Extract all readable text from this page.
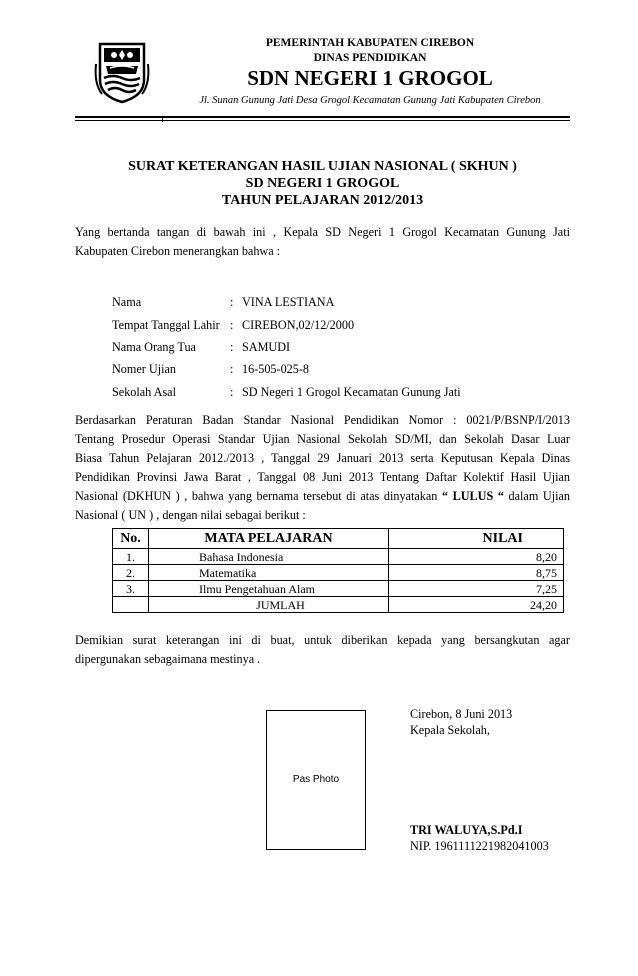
PEMERINTAH KABUPATEN CIREBON
DINAS PENDIDIKAN
SDN NEGERI 1 GROGOL
Jl. Sunan Gunung Jati Desa Grogol Kecamatan Gunung Jati Kabupaten Cirebon
SURAT KETERANGAN HASIL UJIAN NASIONAL ( SKHUN )
SD NEGERI 1 GROGOL
TAHUN PELAJARAN 2012/2013
Yang bertanda tangan di bawah ini , Kepala SD Negeri 1 Grogol Kecamatan Gunung Jati
Kabupaten Cirebon menerangkan bahwa :
Nama	: VINA LESTIANA
Tempat Tanggal Lahir : CIREBON,02/12/2000
Nama Orang Tua	: SAMUDI
Nomer Ujian	: 16-505-025-8
Sekolah Asal	: SD Negeri 1 Grogol Kecamatan Gunung Jati
Berdasarkan Peraturan Badan Standar Nasional Pendidikan Nomor : 0021/P/BSNP/I/2013
Tentang Prosedur Operasi Standar Ujian Nasional Sekolah SD/MI, dan Sekolah Dasar Luar
Biasa Tahun Pelajaran 2012./2013 , Tanggal 29 Januari 2013 serta Keputusan Kepala Dinas
Pendidikan Provinsi Jawa Barat , Tanggal 08 Juni 2013 Tentang Daftar Kolektif Hasil Ujian
Nasional (DKHUN ) , bahwa yang bernama tersebut di atas dinyatakan “ LULUS “ dalam Ujian
Nasional ( UN ) , dengan nilai sebagai berikut :
No.	MATA PELAJARAN	NILAI
1.	Bahasa Indonesia	8,20
2.	Matematika	8,75
3.	Ilmu Pengetahuan Alam	7,25
	JUMLAH	24,20
Demikian surat keterangan ini di buat, untuk diberikan kepada yang bersangkutan agar
dipergunakan sebagaimana mestinya .
Pas Photo
Cirebon, 8 Juni 2013
Kepala Sekolah,
TRI WALUYA,S.Pd.I
NIP. 1961111221982041003
